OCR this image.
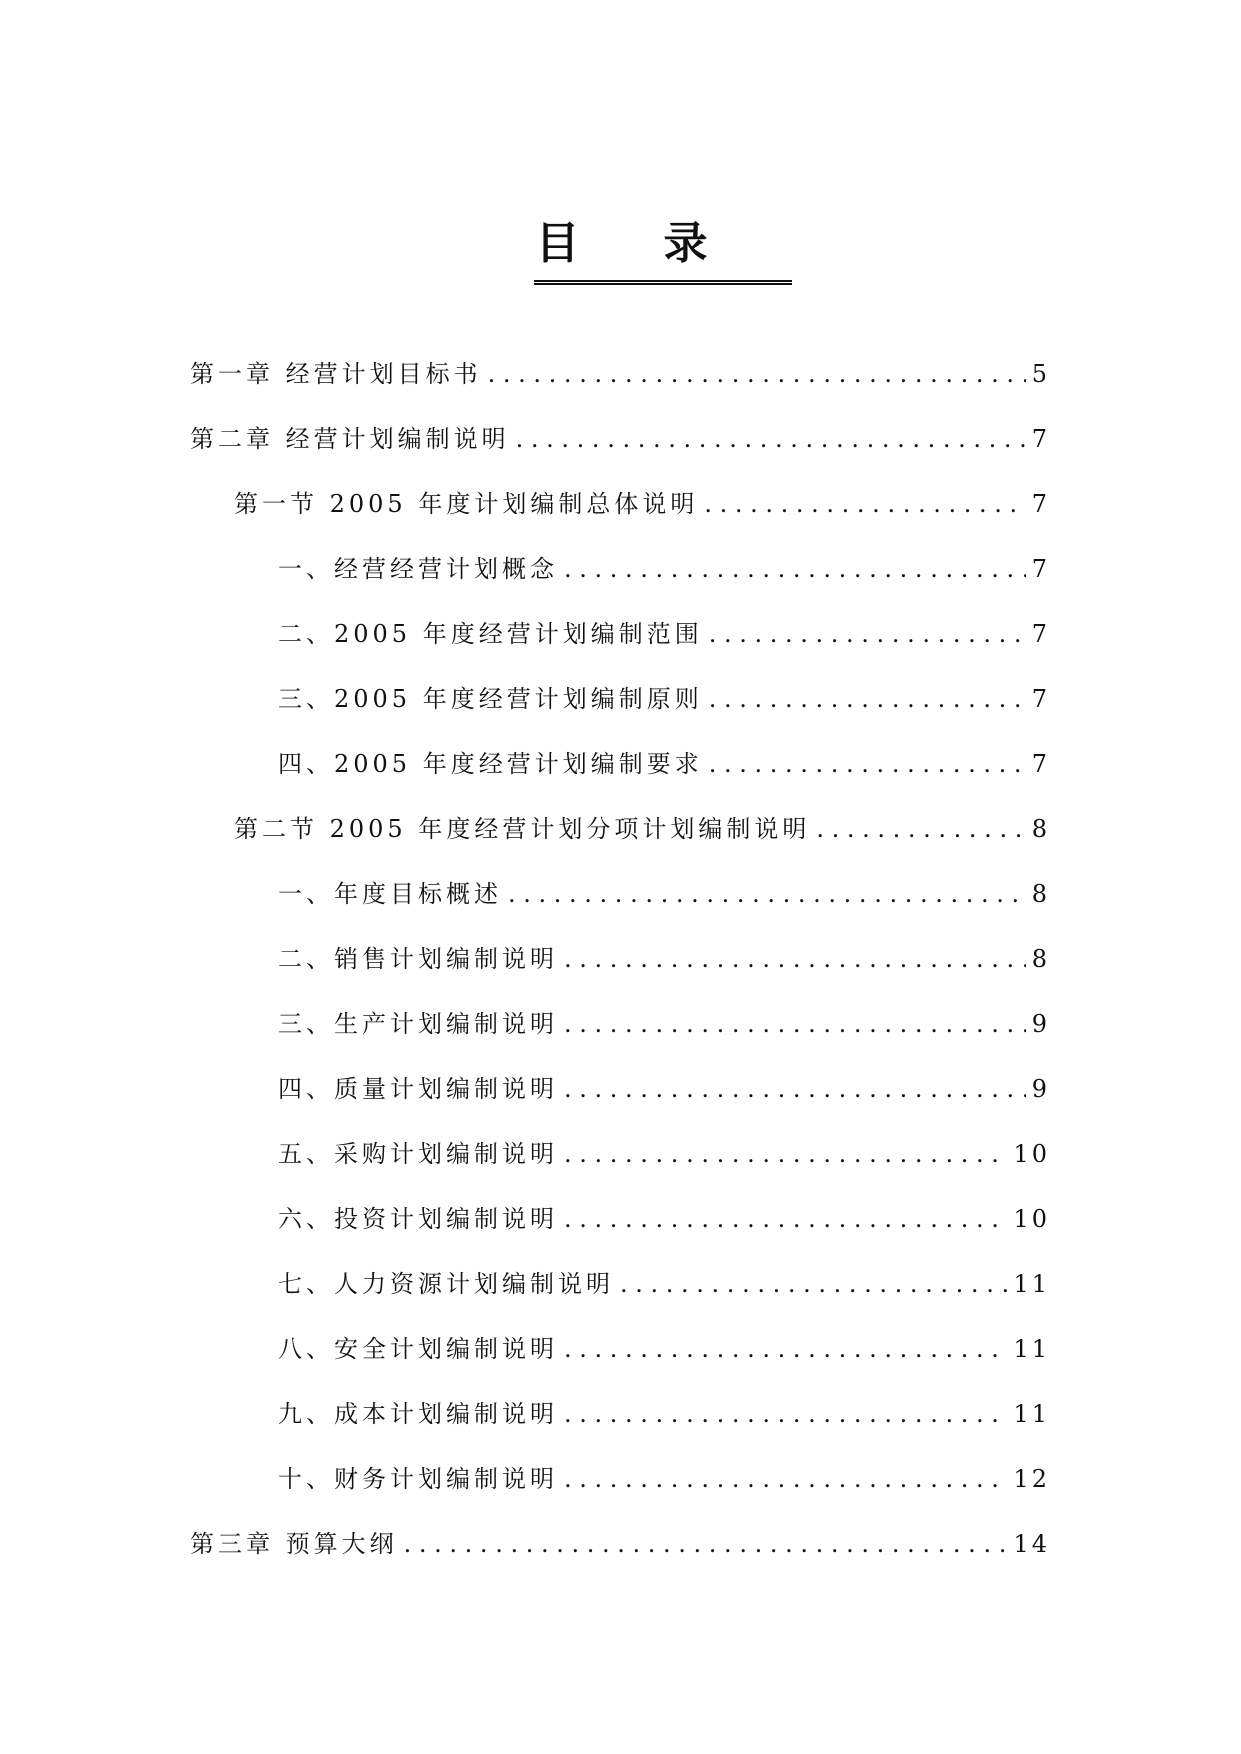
目录
第一章 经营计划目标书 . . .	5
第二章 经营计划编制说明 . . .	7
第一节 2005 年度计划编制总体说明 . . .	7
一、经营经营计划概念 . . .	7
二、2005 年度经营计划编制范围 . . .	7
三、2005 年度经营计划编制原则 . . .	7
四、2005 年度经营计划编制要求 . . .	7
第二节 2005 年度经营计划分项计划编制说明 . . .	8
一、年度目标概述 . . .	8
二、销售计划编制说明 . . .	8
三、生产计划编制说明 . . .	9
四、质量计划编制说明 . . .	9
五、采购计划编制说明 . . .	10
六、投资计划编制说明 . . .	10
七、人力资源计划编制说明 . . .	11
八、安全计划编制说明 . . .	11
九、成本计划编制说明 . . .	11
十、财务计划编制说明 . . .	12
第三章 预算大纲 . . .	14
